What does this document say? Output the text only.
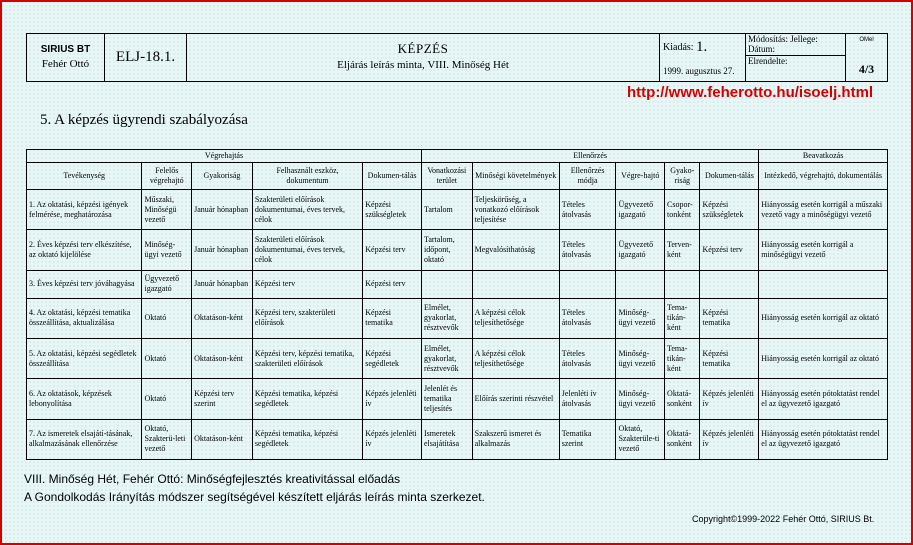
SIRIUS BT
Fehér Ottó	ELJ-18.1.
KÉPZÉS
Eljárás leírás minta, VIII. Minőség Hét
Kiadás: 1.
1999. augusztus 27.
Módosítás: Jellege:
Dátum:
Elrendelte:
OMel
4/3
http://www.feherotto.hu/isoelj.html
5. A képzés ügyrendi szabályozása
Végrehajtás					Ellenőrzés						Beavatkozás
Tevékenység	Felelős végrehajtó	Gyakoriság	Felhasznált eszköz, dokumentum	Dokumen-tálás	Vonatkozási terület	Minőségi követelmények	Ellenőrzés módja	Végre-hajtó	Gyako-riság	Dokumen-tálás	Intézkedő, végrehajtó, dokumentálás
1. Az oktatási, képzési igények felmérése, meghatározása	Műszaki, Minőségü vezető	Január hónapban	Szakterületi előírások dokumentumai, éves tervek, célok	Képzési szükségletek	Tartalom	Teljeskörűség, a vonatkozó előírások teljesítése	Tételes átolvasás	Ügyvezető igazgató	Csopor-tonként	Képzési szükségletek	Hiányosság esetén korrigál a műszaki vezető vagy a minőségügyi vezető
2. Éves képzési terv elkészítése, az oktató kijelölése	Minőség-ügyi vezető	Január hónapban	Szakterületi előírások dokumentumai, éves tervek, célok	Képzési terv	Tartalom, időpont, oktató	Megvalósíthatóság	Tételes átolvasás	Ügyvezető igazgató	Terven-ként	Képzési terv	Hiányosság esetén korrigál a minőségügyi vezető
3. Éves képzési terv jóváhagyása	Ügyvezető igazgató	Január hónapban	Képzési terv	Képzési terv							
4. Az oktatási, képzési tematika összeállítása, aktualizálása	Oktató	Oktatáson-ként	Képzési terv, szakterületi előírások	Képzési tematika	Elmélet, gyakorlat, résztvevők	A képzési célok teljesíthetősége	Tételes átolvasás	Minőség-ügyi vezető	Tema-tikán-ként	Képzési tematika	Hiányosság esetén korrigál az oktató
5. Az oktatási, képzési segédletek összeállítása	Oktató	Oktatáson-ként	Képzési terv, képzési tematika, szakterületi előírások	Képzési segédletek	Elmélet, gyakorlat, résztvevők	A képzési célok teljesíthetősége	Tételes átolvasás	Minőség-ügyi vezető	Tema-tikán-ként	Képzési tematika	Hiányosság esetén korrigál az oktató
6. Az oktatások, képzések lebonyolítása	Oktató	Képzési terv szerint	Képzési tematika, képzési segédletek	Képzés jelenléti ív	Jelenlét és tematika teljesítés	Előírás szerinti részvétel	Jelenléti ív átolvasás	Minőség-ügyi vezető	Oktatá-sonként	Képzés jelenléti ív	Hiányosság esetén pótoktatást rendel el az ügyvezető igazgató
7. Az ismeretek elsajátí-tásának, alkalmazásának ellenőrzése	Oktató, Szakterü-leti vezető	Oktatáson-ként	Képzési tematika, képzési segédletek	Képzés jelenléti ív	Ismeretek elsajátítása	Szakszerű ismeret és alkalmazás	Tematika szerint	Oktató, Szakterüle-ti vezető	Oktatá-sonként	Képzés jelenléti ív	Hiányosság esetén pótoktatást rendel el az ügyvezető igazgató
VIII. Minőség Hét, Fehér Ottó: Minőségfejlesztés kreativitással előadás
A Gondolkodás Irányítás módszer segítségével készített eljárás leírás minta szerkezet.
Copyright©1999-2022 Fehér Ottó, SIRIUS Bt.
